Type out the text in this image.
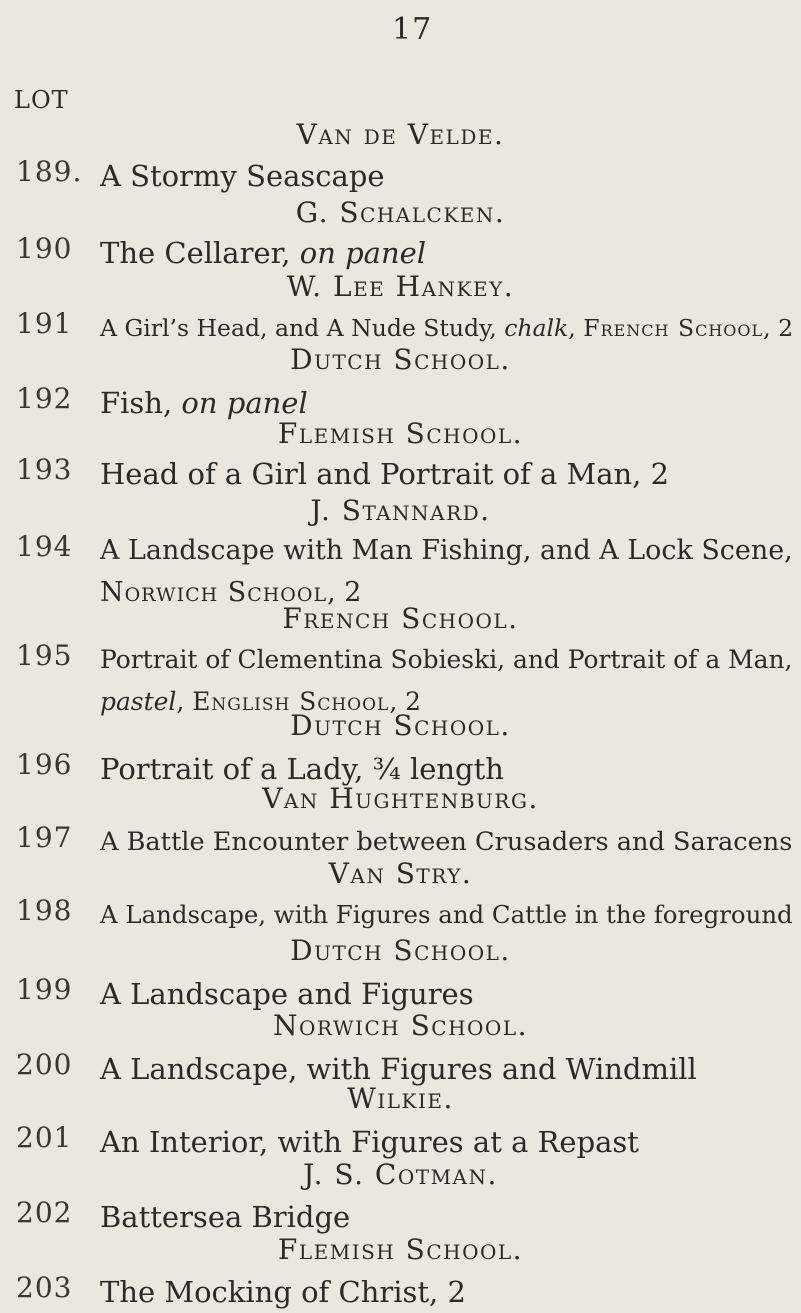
17
LOT
Van de Velde.
189. A Stormy Seascape
G. Schalcken.
190 The Cellarer, on panel
W. Lee Hankey.
191	A Girl’s Head, and A Nude Study, chalk, French School, 2
Dutch School.
192 Fish, on panel
Flemish School.
193 Head of a Girl and Portrait of a Man, 2
J. Stannard.
194 A Landscape with Man Fishing, and A Lock Scene,
Norwich School, 2
French School.
195	Portrait of Clementina Sobieski, and Portrait of a Man,
pastel, English School, 2
Dutch School.
196 Portrait of a Lady, ¾ length
Van Hughtenburg.
197 A Battle Encounter between Crusaders and Saracens
Van Stry.
198	A Landscape, with Figures and Cattle in the foreground
Dutch School.
199 A Landscape and Figures
Norwich School.
200 A Landscape, with Figures and Windmill
Wilkie.
201 An Interior, with Figures at a Repast
J. S. Cotman.
202 Battersea Bridge
Flemish School.
203 The Mocking of Christ, 2
